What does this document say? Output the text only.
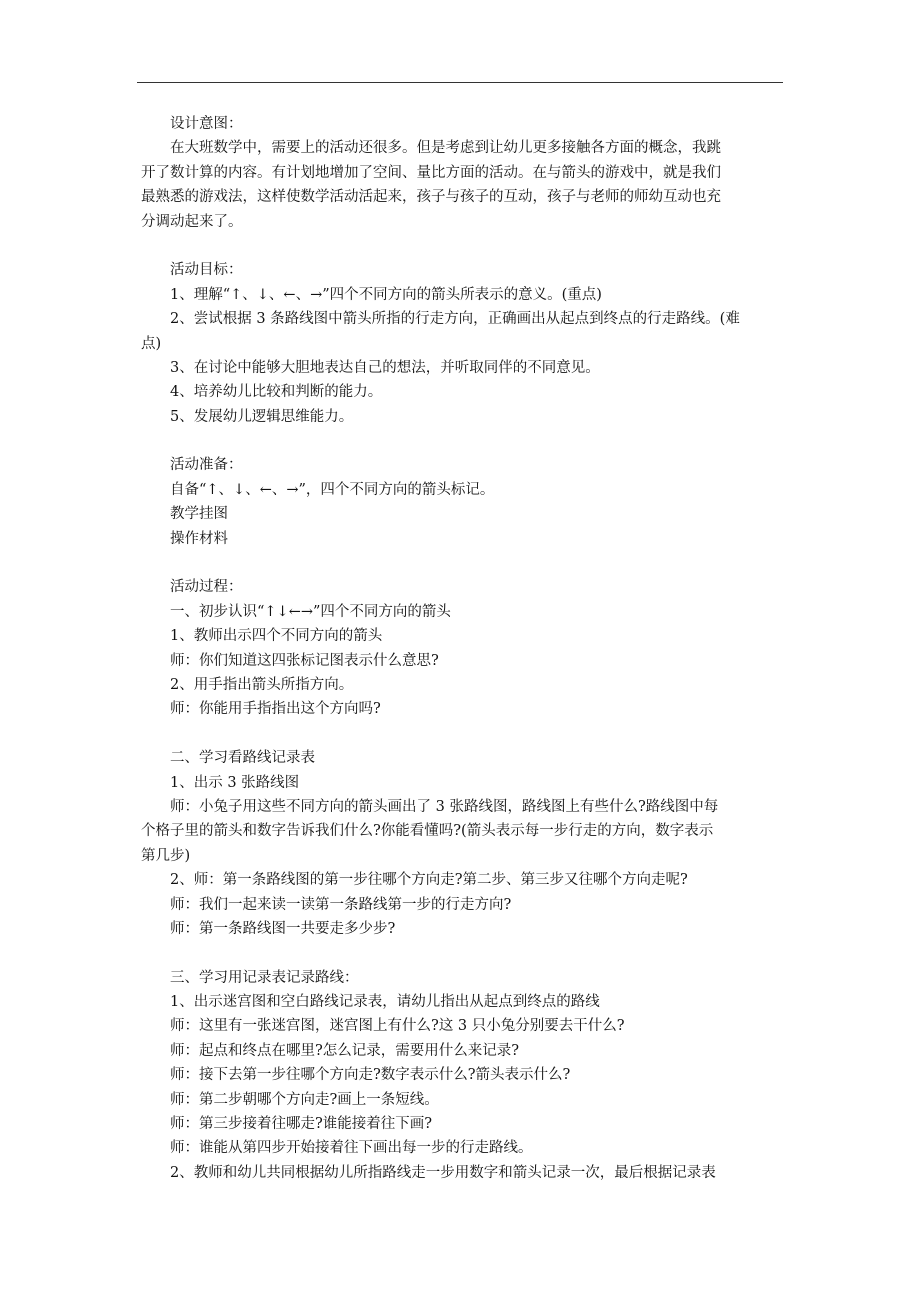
设计意图：
在大班数学中，需要上的活动还很多。但是考虑到让幼儿更多接触各方面的概念，我跳
开了数计算的内容。有计划地增加了空间、量比方面的活动。在与箭头的游戏中，就是我们
最熟悉的游戏法，这样使数学活动活起来，孩子与孩子的互动，孩子与老师的师幼互动也充
分调动起来了。
活动目标：
1、理解“↑、↓、←、→”四个不同方向的箭头所表示的意义。(重点)
2、尝试根据 3 条路线图中箭头所指的行走方向，正确画出从起点到终点的行走路线。(难
点)
3、在讨论中能够大胆地表达自己的想法，并听取同伴的不同意见。
4、培养幼儿比较和判断的能力。
5、发展幼儿逻辑思维能力。
活动准备：
自备“↑、↓、←、→”，四个不同方向的箭头标记。
教学挂图
操作材料
活动过程：
一、初步认识“↑↓←→”四个不同方向的箭头
1、教师出示四个不同方向的箭头
师：你们知道这四张标记图表示什么意思?
2、用手指出箭头所指方向。
师：你能用手指指出这个方向吗?
二、学习看路线记录表
1、出示 3 张路线图
师：小兔子用这些不同方向的箭头画出了 3 张路线图，路线图上有些什么?路线图中每
个格子里的箭头和数字告诉我们什么?你能看懂吗?(箭头表示每一步行走的方向，数字表示
第几步)
2、师：第一条路线图的第一步往哪个方向走?第二步、第三步又往哪个方向走呢?
师：我们一起来读一读第一条路线第一步的行走方向?
师：第一条路线图一共要走多少步?
三、学习用记录表记录路线：
1、出示迷宫图和空白路线记录表，请幼儿指出从起点到终点的路线
师：这里有一张迷宫图，迷宫图上有什么?这 3 只小兔分别要去干什么?
师：起点和终点在哪里?怎么记录，需要用什么来记录?
师：接下去第一步往哪个方向走?数字表示什么?箭头表示什么?
师：第二步朝哪个方向走?画上一条短线。
师：第三步接着往哪走?谁能接着往下画?
师：谁能从第四步开始接着往下画出每一步的行走路线。
2、教师和幼儿共同根据幼儿所指路线走一步用数字和箭头记录一次，最后根据记录表
